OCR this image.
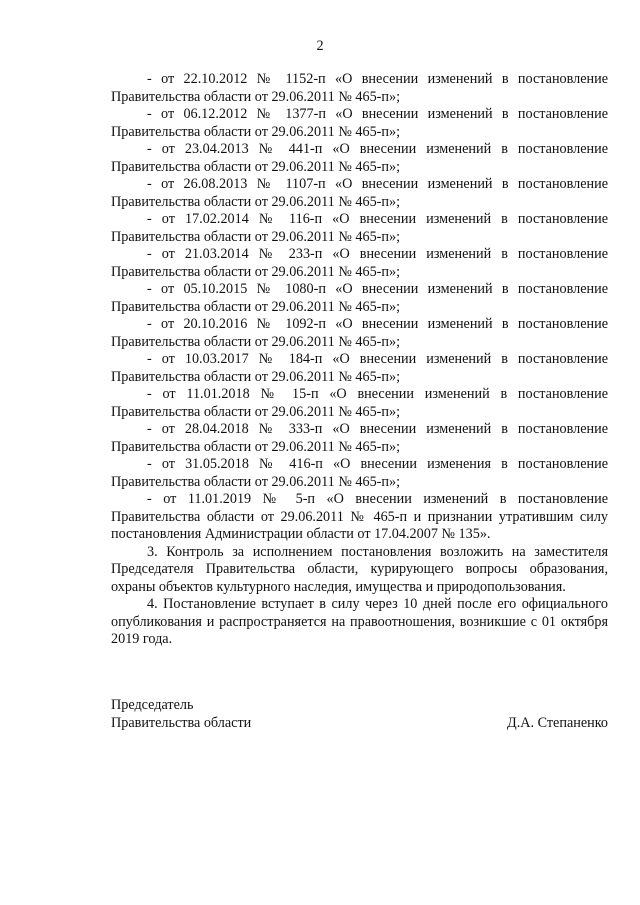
2

- от 22.10.2012 № 1152-п «О внесении изменений в постановление Правительства области от 29.06.2011 № 465-п»;

- от 06.12.2012 № 1377-п «О внесении изменений в постановление Правительства области от 29.06.2011 № 465-п»;

- от 23.04.2013 № 441-п «О внесении изменений в постановление Правительства области от 29.06.2011 № 465-п»;

- от 26.08.2013 № 1107-п «О внесении изменений в постановление Правительства области от 29.06.2011 № 465-п»;

- от 17.02.2014 № 116-п «О внесении изменений в постановление Правительства области от 29.06.2011 № 465-п»;

- от 21.03.2014 № 233-п «О внесении изменений в постановление Правительства области от 29.06.2011 № 465-п»;

- от 05.10.2015 № 1080-п «О внесении изменений в постановление Правительства области от 29.06.2011 № 465-п»;

- от 20.10.2016 № 1092-п «О внесении изменений в постановление Правительства области от 29.06.2011 № 465-п»;

- от 10.03.2017 № 184-п «О внесении изменений в постановление Правительства области от 29.06.2011 № 465-п»;

- от 11.01.2018 № 15-п «О внесении изменений в постановление Правительства области от 29.06.2011 № 465-п»;

- от 28.04.2018 № 333-п «О внесении изменений в постановление Правительства области от 29.06.2011 № 465-п»;

- от 31.05.2018 № 416-п «О внесении изменения в постановление Правительства области от 29.06.2011 № 465-п»;

- от 11.01.2019 № 5-п «О внесении изменений в постановление Правительства области от 29.06.2011 № 465-п и признании утратившим силу постановления Администрации области от 17.04.2007 № 135».

3. Контроль за исполнением постановления возложить на заместителя Председателя Правительства области, курирующего вопросы образования, охраны объектов культурного наследия, имущества и природопользования.

4. Постановление вступает в силу через 10 дней после его официального опубликования и распространяется на правоотношения, возникшие с 01 октября 2019 года.

Председатель
Правительства области	Д.А. Степаненко
